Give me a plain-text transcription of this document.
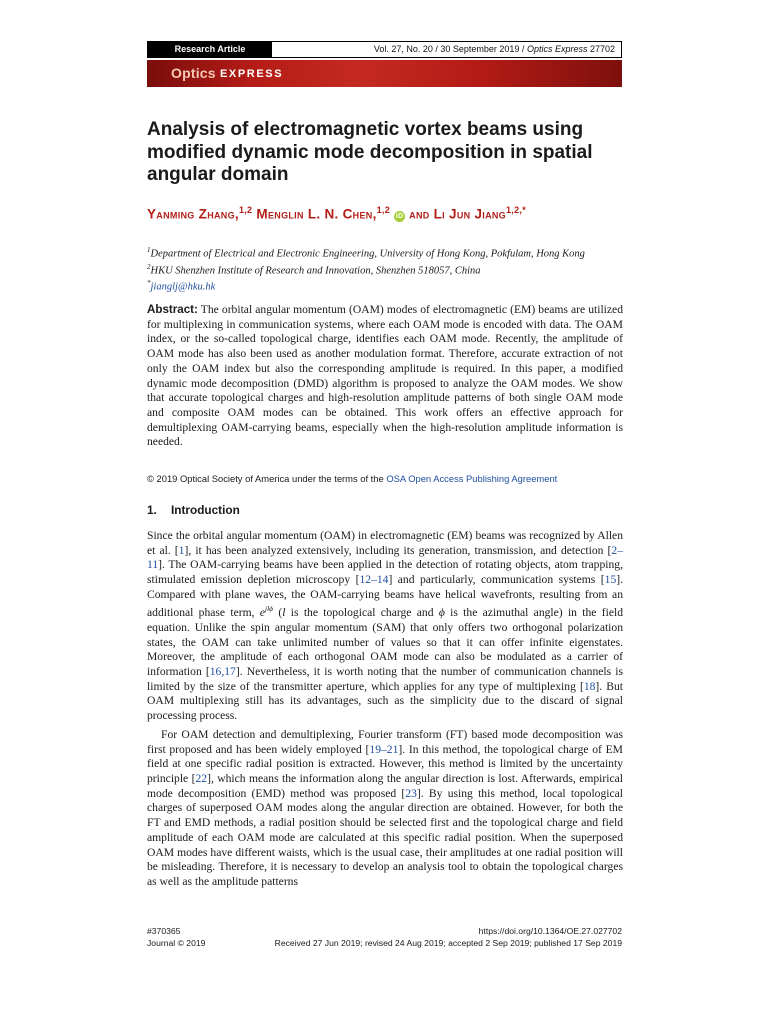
Research Article	Vol. 27, No. 20 / 30 September 2019 / Optics Express 27702
Optics EXPRESS
Analysis of electromagnetic vortex beams using modified dynamic mode decomposition in spatial angular domain
Yanming Zhang,$^{1,2}$ Menglin L. N. Chen,$^{1,2}$ iD and Li Jun Jiang$^{1,2,*}$
$^1$Department of Electrical and Electronic Engineering, University of Hong Kong, Pokfulam, Hong Kong
$^2$HKU Shenzhen Institute of Research and Innovation, Shenzhen 518057, China
*jianglj@hku.hk

Abstract: The orbital angular momentum (OAM) modes of electromagnetic (EM) beams are utilized for multiplexing in communication systems, where each OAM mode is encoded with data. The OAM index, or the so-called topological charge, identifies each OAM mode. Recently, the amplitude of OAM mode has also been used as another modulation format. Therefore, accurate extraction of not only the OAM index but also the corresponding amplitude is required. In this paper, a modified dynamic mode decomposition (DMD) algorithm is proposed to analyze the OAM modes. We show that accurate topological charges and high-resolution amplitude patterns of both single OAM mode and composite OAM modes can be obtained. This work offers an effective approach for demultiplexing OAM-carrying beams, especially when the high-resolution amplitude information is needed.

© 2019 Optical Society of America under the terms of the OSA Open Access Publishing Agreement
1. Introduction

Since the orbital angular momentum (OAM) in electromagnetic (EM) beams was recognized by Allen et al. [1], it has been analyzed extensively, including its generation, transmission, and detection [2–11]. The OAM-carrying beams have been applied in the detection of rotating objects, atom trapping, stimulated emission depletion microscopy [12–14] and particularly, communication systems [15]. Compared with plane waves, the OAM-carrying beams have helical wavefronts, resulting from an additional phase term, $e^{jl\phi}$ (l is the topological charge and ϕ is the azimuthal angle) in the field equation. Unlike the spin angular momentum (SAM) that only offers two orthogonal polarization states, the OAM can take unlimited number of values so that it can offer infinite eigenstates. Moreover, the amplitude of each orthogonal OAM mode can also be modulated as a carrier of information [16,17]. Nevertheless, it is worth noting that the number of communication channels is limited by the size of the transmitter aperture, which applies for any type of multiplexing [18]. But OAM multiplexing still has its advantages, such as the simplicity due to the discard of signal processing process.

For OAM detection and demultiplexing, Fourier transform (FT) based mode decomposition was first proposed and has been widely employed [19–21]. In this method, the topological charge of EM field at one specific radial position is extracted. However, this method is limited by the uncertainty principle [22], which means the information along the angular direction is lost. Afterwards, empirical mode decomposition (EMD) method was proposed [23]. By using this method, local topological charges of superposed OAM modes along the angular direction are obtained. However, for both the FT and EMD methods, a radial position should be selected first and the topological charge and field amplitude of each OAM mode are calculated at this specific radial position. When the superposed OAM modes have different waists, which is the usual case, their amplitudes at one radial position will be misleading. Therefore, it is necessary to develop an analysis tool to obtain the topological charges as well as the amplitude patterns

#370365
Journal © 2019
https://doi.org/10.1364/OE.27.027702
Received 27 Jun 2019; revised 24 Aug 2019; accepted 2 Sep 2019; published 17 Sep 2019
